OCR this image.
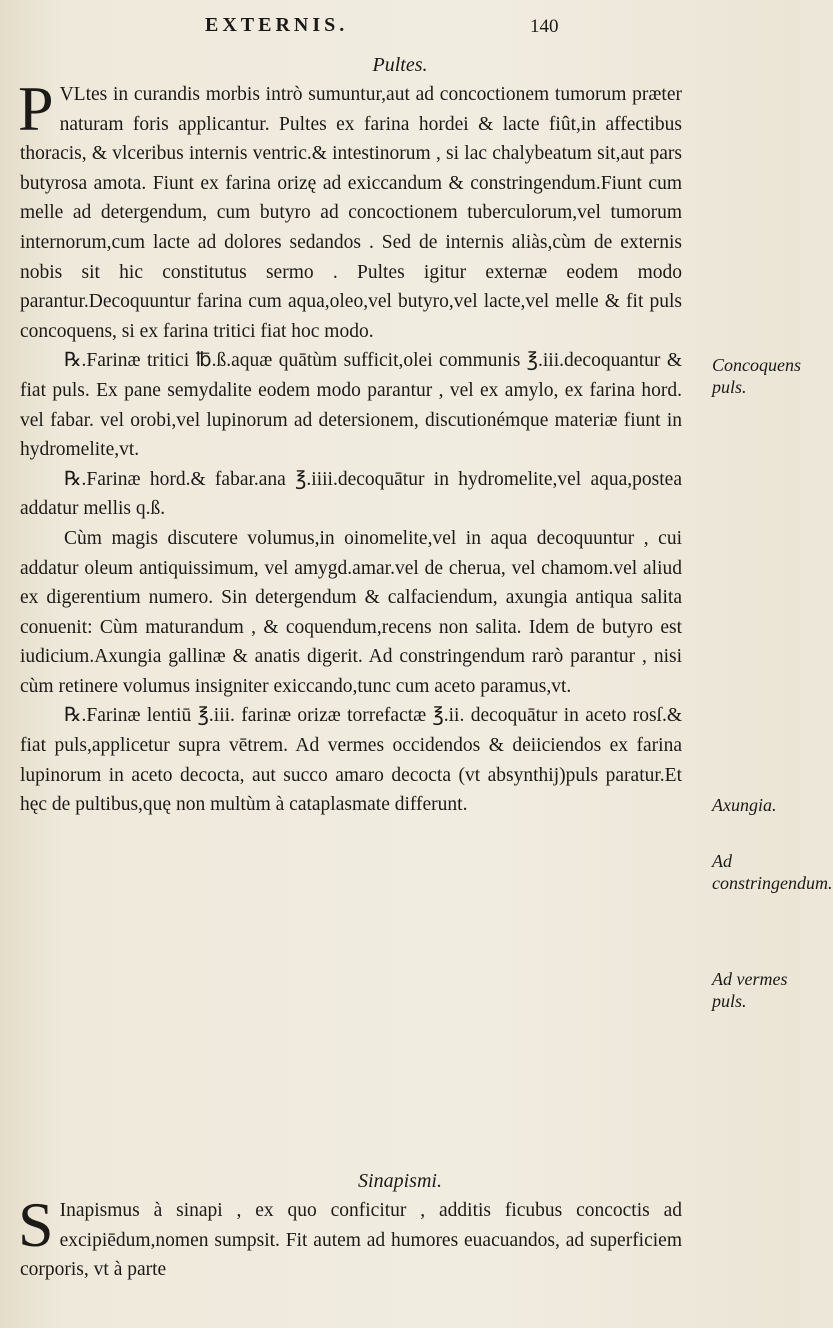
EXTERNIS.	140
Pultes.

P VLtes in curandis morbis intrò sumuntur,aut ad concoctionem tumorum præter naturam foris applicantur. Pultes ex farina hordei & lacte fiût,in affectibus thoracis, & vlceribus internis ventric.& intestinorum , si lac chalybeatum sit,aut pars butyrosa amota. Fiunt ex farina orizę ad exiccandum & constringendum.Fiunt cum melle ad detergendum, cum butyro ad concoctionem tuberculorum,vel tumorum internorum,cum lacte ad dolores sedandos . Sed de internis aliàs,cùm de externis nobis sit hic constitutus sermo . Pultes igitur externæ eodem modo parantur.Decoquuntur farina cum aqua,oleo,vel butyro,vel lacte,vel melle & fit puls concoquens, si ex farina tritici fiat hoc modo.

℞.Farinæ tritici ℔.ß.aquæ quātùm sufficit,olei communis ℥.iii.decoquantur & fiat puls. Ex pane semydalite eodem modo parantur , vel ex amylo, ex farina hord. vel fabar. vel orobi,vel lupinorum ad detersionem, discutionémque materiæ fiunt in hydromelite,vt.

℞.Farinæ hord.& fabar.ana ℥.iiii.decoquātur in hydromelite,vel aqua,postea addatur mellis q.ß.

Cùm magis discutere volumus,in oinomelite,vel in aqua decoquuntur , cui addatur oleum antiquissimum, vel amygd.amar.vel de cherua, vel chamom.vel aliud ex digerentium numero. Sin detergendum & calfaciendum, axungia antiqua salita conuenit: Cùm maturandum , & coquendum,recens non salita. Idem de butyro est iudicium.Axungia gallinæ & anatis digerit. Ad constringendum rarò parantur , nisi cùm retinere volumus insigniter exiccando,tunc cum aceto paramus,vt.

℞.Farinæ lentiū ℥.iii. farinæ orizæ torrefactæ ℥.ii. decoquātur in aceto rosſ.& fiat puls,applicetur supra vētrem. Ad vermes occidendos & deiiciendos ex farina lupinorum in aceto decocta, aut succo amaro decocta (vt absynthij)puls paratur.Et hęc de pultibus,quę non multùm à cataplasmate differunt.

Sinapismi.

S Inapismus à sinapi , ex quo conficitur , additis ficubus concoctis ad excipiēdum,nomen sumpsit. Fit autem ad humores euacuandos, ad superficiem corporis, vt à parte

Concoquens puls.
Axungia.
Ad constringendum.
Ad vermes puls.
